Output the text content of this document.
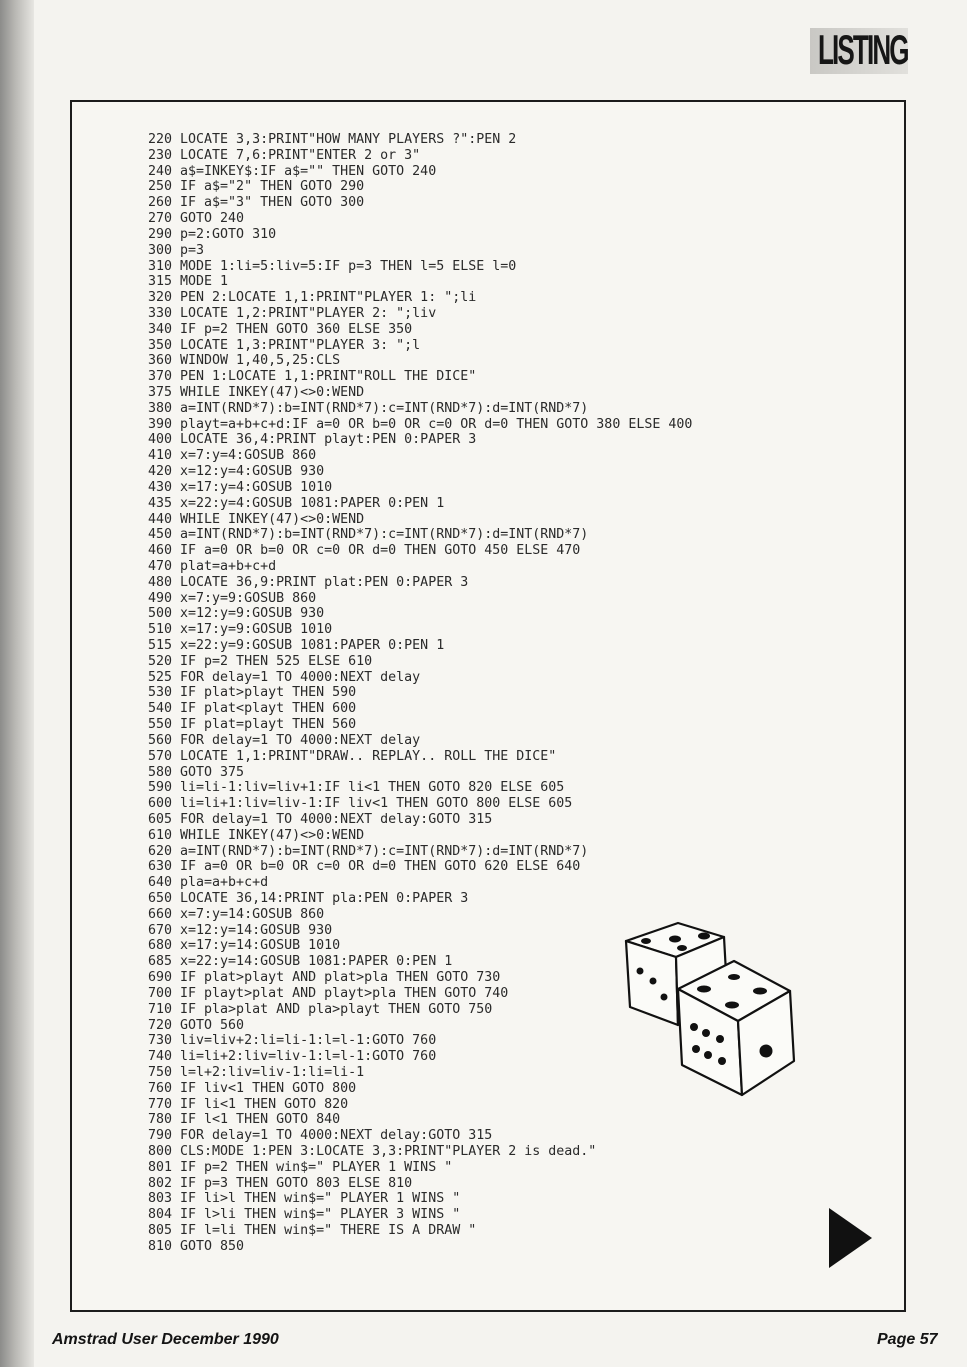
LISTING
220 LOCATE 3,3:PRINT"HOW MANY PLAYERS ?":PEN 2
230 LOCATE 7,6:PRINT"ENTER 2 or 3"
240 a$=INKEY$:IF a$="" THEN GOTO 240
250 IF a$="2" THEN GOTO 290
260 IF a$="3" THEN GOTO 300
270 GOTO 240
290 p=2:GOTO 310
300 p=3
310 MODE 1:li=5:liv=5:IF p=3 THEN l=5 ELSE l=0
315 MODE 1
320 PEN 2:LOCATE 1,1:PRINT"PLAYER 1: ";li
330 LOCATE 1,2:PRINT"PLAYER 2: ";liv
340 IF p=2 THEN GOTO 360 ELSE 350
350 LOCATE 1,3:PRINT"PLAYER 3: ";l
360 WINDOW 1,40,5,25:CLS
370 PEN 1:LOCATE 1,1:PRINT"ROLL THE DICE"
375 WHILE INKEY(47)<>0:WEND
380 a=INT(RND*7):b=INT(RND*7):c=INT(RND*7):d=INT(RND*7)
390 playt=a+b+c+d:IF a=0 OR b=0 OR c=0 OR d=0 THEN GOTO 380 ELSE 400
400 LOCATE 36,4:PRINT playt:PEN 0:PAPER 3
410 x=7:y=4:GOSUB 860
420 x=12:y=4:GOSUB 930
430 x=17:y=4:GOSUB 1010
435 x=22:y=4:GOSUB 1081:PAPER 0:PEN 1
440 WHILE INKEY(47)<>0:WEND
450 a=INT(RND*7):b=INT(RND*7):c=INT(RND*7):d=INT(RND*7)
460 IF a=0 OR b=0 OR c=0 OR d=0 THEN GOTO 450 ELSE 470
470 plat=a+b+c+d
480 LOCATE 36,9:PRINT plat:PEN 0:PAPER 3
490 x=7:y=9:GOSUB 860
500 x=12:y=9:GOSUB 930
510 x=17:y=9:GOSUB 1010
515 x=22:y=9:GOSUB 1081:PAPER 0:PEN 1
520 IF p=2 THEN 525 ELSE 610
525 FOR delay=1 TO 4000:NEXT delay
530 IF plat>playt THEN 590
540 IF plat<playt THEN 600
550 IF plat=playt THEN 560
560 FOR delay=1 TO 4000:NEXT delay
570 LOCATE 1,1:PRINT"DRAW.. REPLAY.. ROLL THE DICE"
580 GOTO 375
590 li=li-1:liv=liv+1:IF li<1 THEN GOTO 820 ELSE 605
600 li=li+1:liv=liv-1:IF liv<1 THEN GOTO 800 ELSE 605
605 FOR delay=1 TO 4000:NEXT delay:GOTO 315
610 WHILE INKEY(47)<>0:WEND
620 a=INT(RND*7):b=INT(RND*7):c=INT(RND*7):d=INT(RND*7)
630 IF a=0 OR b=0 OR c=0 OR d=0 THEN GOTO 620 ELSE 640
640 pla=a+b+c+d
650 LOCATE 36,14:PRINT pla:PEN 0:PAPER 3
660 x=7:y=14:GOSUB 860
670 x=12:y=14:GOSUB 930
680 x=17:y=14:GOSUB 1010
685 x=22:y=14:GOSUB 1081:PAPER 0:PEN 1
690 IF plat>playt AND plat>pla THEN GOTO 730
700 IF playt>plat AND playt>pla THEN GOTO 740
710 IF pla>plat AND pla>playt THEN GOTO 750
720 GOTO 560
730 liv=liv+2:li=li-1:l=l-1:GOTO 760
740 li=li+2:liv=liv-1:l=l-1:GOTO 760
750 l=l+2:liv=liv-1:li=li-1
760 IF liv<1 THEN GOTO 800
770 IF li<1 THEN GOTO 820
780 IF l<1 THEN GOTO 840
790 FOR delay=1 TO 4000:NEXT delay:GOTO 315
800 CLS:MODE 1:PEN 3:LOCATE 3,3:PRINT"PLAYER 2 is dead."
801 IF p=2 THEN win$=" PLAYER 1 WINS "
802 IF p=3 THEN GOTO 803 ELSE 810
803 IF li>l THEN win$=" PLAYER 1 WINS "
804 IF l>li THEN win$=" PLAYER 3 WINS "
805 IF l=li THEN win$=" THERE IS A DRAW "
810 GOTO 850
Amstrad User December 1990	Page 57
